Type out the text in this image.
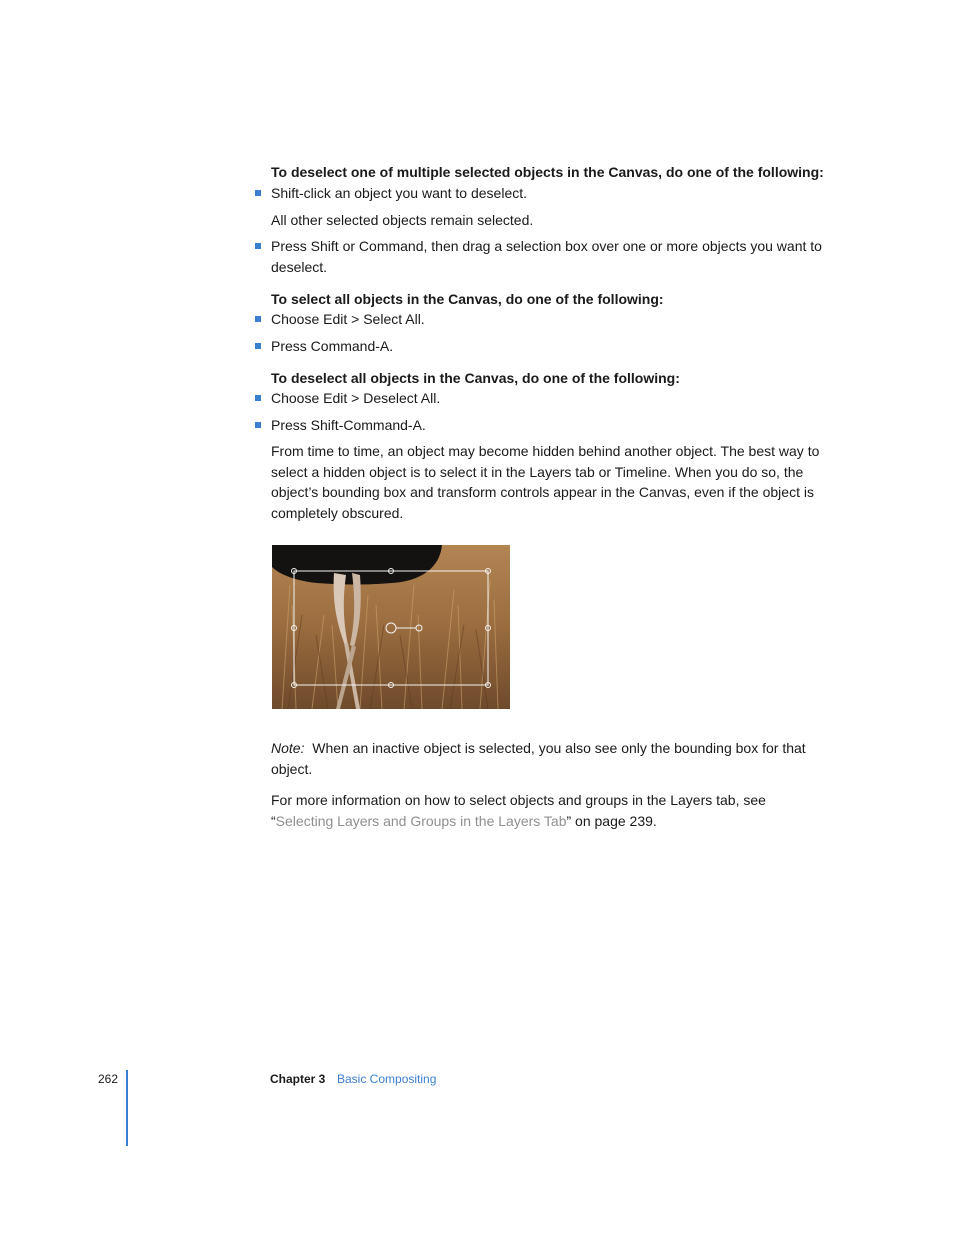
To deselect one of multiple selected objects in the Canvas, do one of the following:

Shift-click an object you want to deselect.

All other selected objects remain selected.

Press Shift or Command, then drag a selection box over one or more objects you want to deselect.

To select all objects in the Canvas, do one of the following:

Choose Edit > Select All.

Press Command-A.

To deselect all objects in the Canvas, do one of the following:

Choose Edit > Deselect All.

Press Shift-Command-A.

From time to time, an object may become hidden behind another object. The best way to select a hidden object is to select it in the Layers tab or Timeline. When you do so, the object’s bounding box and transform controls appear in the Canvas, even if the object is completely obscured.

Note: When an inactive object is selected, you also see only the bounding box for that object.

For more information on how to select objects and groups in the Layers tab, see “Selecting Layers and Groups in the Layers Tab” on page 239.

262	Chapter 3 Basic Compositing
